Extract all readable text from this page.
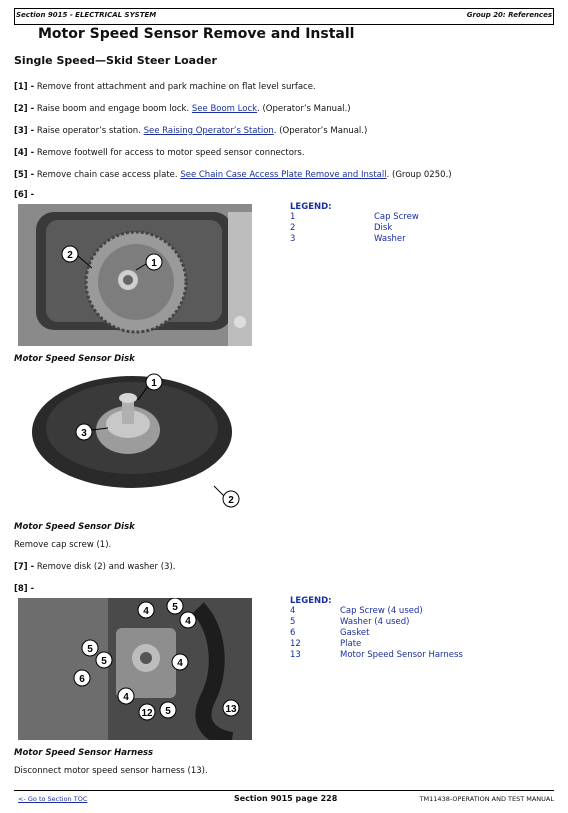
Section 9015 - ELECTRICAL SYSTEM	Group 20: References
Motor Speed Sensor Remove and Install
Single Speed—Skid Steer Loader
[1] - Remove front attachment and park machine on flat level surface.
[2] - Raise boom and engage boom lock. See Boom Lock. (Operator’s Manual.)
[3] - Raise operator’s station. See Raising Operator’s Station. (Operator’s Manual.)
[4] - Remove footwell for access to motor speed sensor connectors.
[5] - Remove chain case access plate. See Chain Case Access Plate Remove and Install. (Group 0250.)
[6] -
1
2
LEGEND:
1	Cap Screw
2	Disk
3	Washer
Motor Speed Sensor Disk
1
3
2
Motor Speed Sensor Disk
Remove cap screw (1).
[7] - Remove disk (2) and washer (3).
[8] -
4 5
4
5
5	4
6
4
12 5	13
LEGEND:
4	Cap Screw (4 used)
5	Washer (4 used)
6	Gasket
12	Plate
13	Motor Speed Sensor Harness
Motor Speed Sensor Harness
Disconnect motor speed sensor harness (13).
<- Go to Section TOC	Section 9015 page 228	TM11438-OPERATION AND TEST MANUAL
